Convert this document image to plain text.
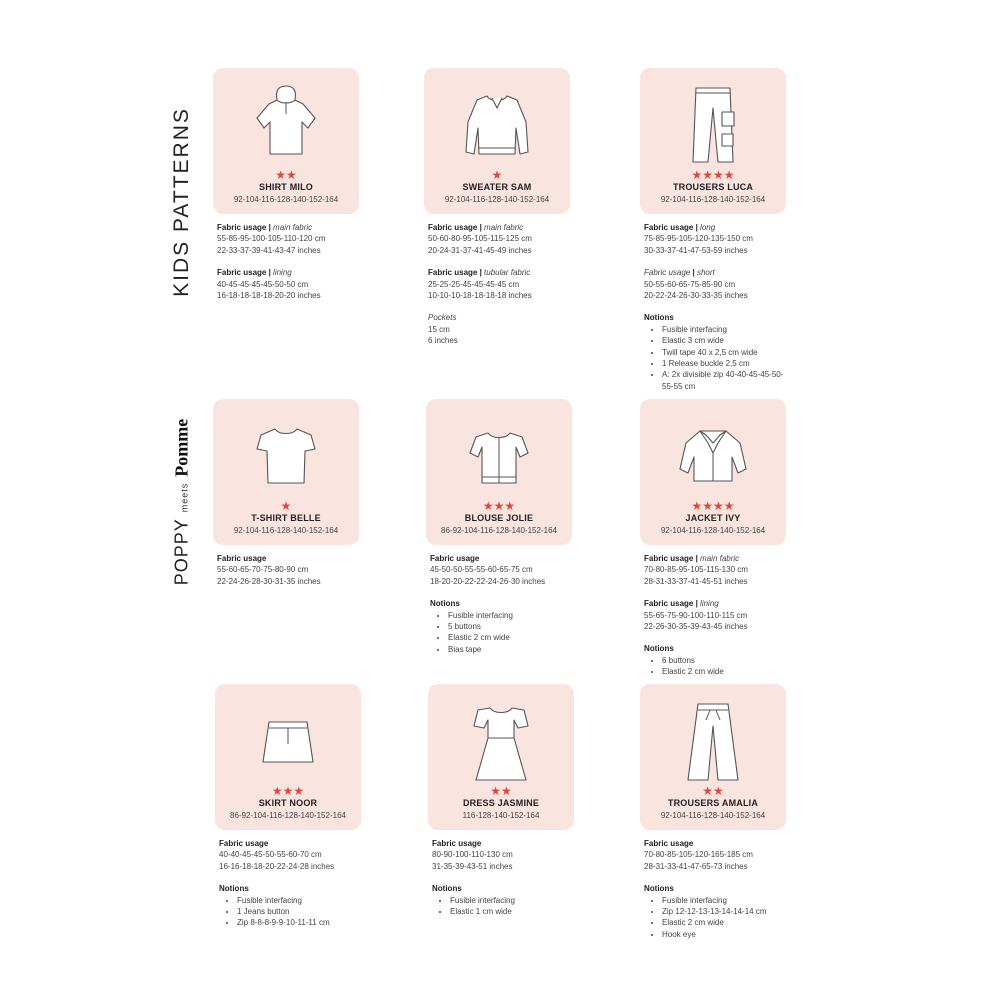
KIDS PATTERNS
POPPY
meets
Pomme
★★
SHIRT MILO
92-104-116-128-140-152-164
Fabric usage | main fabric
55-85-95-100-105-110-120 cm
22-33-37-39-41-43-47 inches
Fabric usage | lining
40-45-45-45-45-50-50 cm
16-18-18-18-18-20-20 inches
★
SWEATER SAM
92-104-116-128-140-152-164
Fabric usage | main fabric
50-60-80-95-105-115-125 cm
20-24-31-37-41-45-49 inches
Fabric usage | tubular fabric
25-25-25-45-45-45-45 cm
10-10-10-18-18-18-18 inches
Pockets
15 cm
6 inches
★★★★
TROUSERS LUCA
92-104-116-128-140-152-164
Fabric usage | long
75-85-95-105-120-135-150 cm
30-33-37-41-47-53-59 inches
Fabric usage | short
50-55-60-65-75-85-90 cm
20-22-24-26-30-33-35 inches
Notions
• Fusible interfacing
• Elastic 3 cm wide
• Twill tape 40 x 2,5 cm wide
• 1 Release buckle 2,5 cm
• A: 2x divisible zip 40-40-45-45-50-55-55 cm
★
T-SHIRT BELLE
92-104-116-128-140-152-164
Fabric usage
55-60-65-70-75-80-90 cm
22-24-26-28-30-31-35 inches
★★★
BLOUSE JOLIE
86-92-104-116-128-140-152-164
Fabric usage
45-50-50-55-55-60-65-75 cm
18-20-20-22-22-24-26-30 inches
Notions
• Fusible interfacing
• 5 buttons
• Elastic 2 cm wide
• Bias tape
★★★★
JACKET IVY
92-104-116-128-140-152-164
Fabric usage | main fabric
70-80-85-95-105-115-130 cm
28-31-33-37-41-45-51 inches
Fabric usage | lining
55-65-75-90-100-110-115 cm
22-26-30-35-39-43-45 inches
Notions
• 6 buttons
• Elastic 2 cm wide
★★★
SKIRT NOOR
86-92-104-116-128-140-152-164
Fabric usage
40-40-45-45-50-55-60-70 cm
16-16-18-18-20-22-24-28 inches
Notions
• Fusible interfacing
• 1 Jeans button
• Zip 8-8-8-9-9-10-11-11 cm
★★
DRESS JASMINE
116-128-140-152-164
Fabric usage
80-90-100-110-130 cm
31-35-39-43-51 inches
Notions
• Fusible interfacing
• Elastic 1 cm wide
★★
TROUSERS AMALIA
92-104-116-128-140-152-164
Fabric usage
70-80-85-105-120-165-185 cm
28-31-33-41-47-65-73 inches
Notions
• Fusible interfacing
• Zip 12-12-13-13-14-14-14 cm
• Elastic 2 cm wide
• Hook eye
